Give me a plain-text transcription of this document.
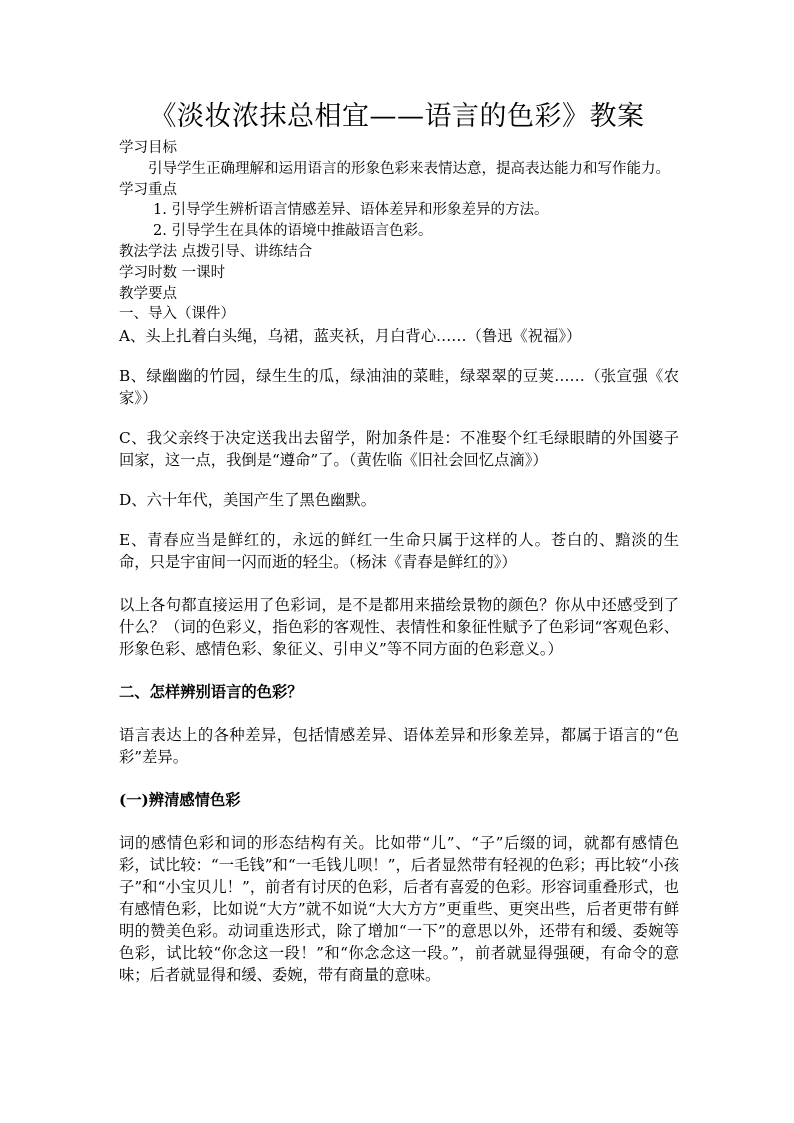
《淡妆浓抹总相宜——语言的色彩》教案

学习目标

引导学生正确理解和运用语言的形象色彩来表情达意，提高表达能力和写作能力。

学习重点

1. 引导学生辨析语言情感差异、语体差异和形象差异的方法。

2. 引导学生在具体的语境中推敲语言色彩。

教法学法 点拨引导、讲练结合

学习时数 一课时

教学要点

一、导入（课件）

A、头上扎着白头绳，乌裙，蓝夹袄，月白背心……（鲁迅《祝福》）

B、绿幽幽的竹园，绿生生的瓜，绿油油的菜畦，绿翠翠的豆荚……（张宣强《农家》）

C、我父亲终于决定送我出去留学，附加条件是：不准娶个红毛绿眼睛的外国婆子回家，这一点，我倒是“遵命”了。（黄佐临《旧社会回忆点滴》）

D、六十年代，美国产生了黑色幽默。

E、青春应当是鲜红的，永远的鲜红一生命只属于这样的人。苍白的、黯淡的生命，只是宇宙间一闪而逝的轻尘。（杨沫《青春是鲜红的》）

以上各句都直接运用了色彩词，是不是都用来描绘景物的颜色？你从中还感受到了什么？（词的色彩义，指色彩的客观性、表情性和象征性赋予了色彩词“客观色彩、形象色彩、感情色彩、象征义、引申义”等不同方面的色彩意义。）

二、怎样辨别语言的色彩？

语言表达上的各种差异，包括情感差异、语体差异和形象差异，都属于语言的“色彩”差异。

(一)辨清感情色彩

词的感情色彩和词的形态结构有关。比如带“儿”、“子”后缀的词，就都有感情色彩，试比较：“一毛钱”和“一毛钱儿呗！”，后者显然带有轻视的色彩；再比较“小孩子”和“小宝贝儿！”，前者有讨厌的色彩，后者有喜爱的色彩。形容词重叠形式，也有感情色彩，比如说“大方”就不如说“大大方方”更重些、更突出些，后者更带有鲜明的赞美色彩。动词重迭形式，除了增加“一下”的意思以外，还带有和缓、委婉等色彩，试比较“你念这一段！”和“你念念这一段。”，前者就显得强硬，有命令的意味；后者就显得和缓、委婉，带有商量的意味。
